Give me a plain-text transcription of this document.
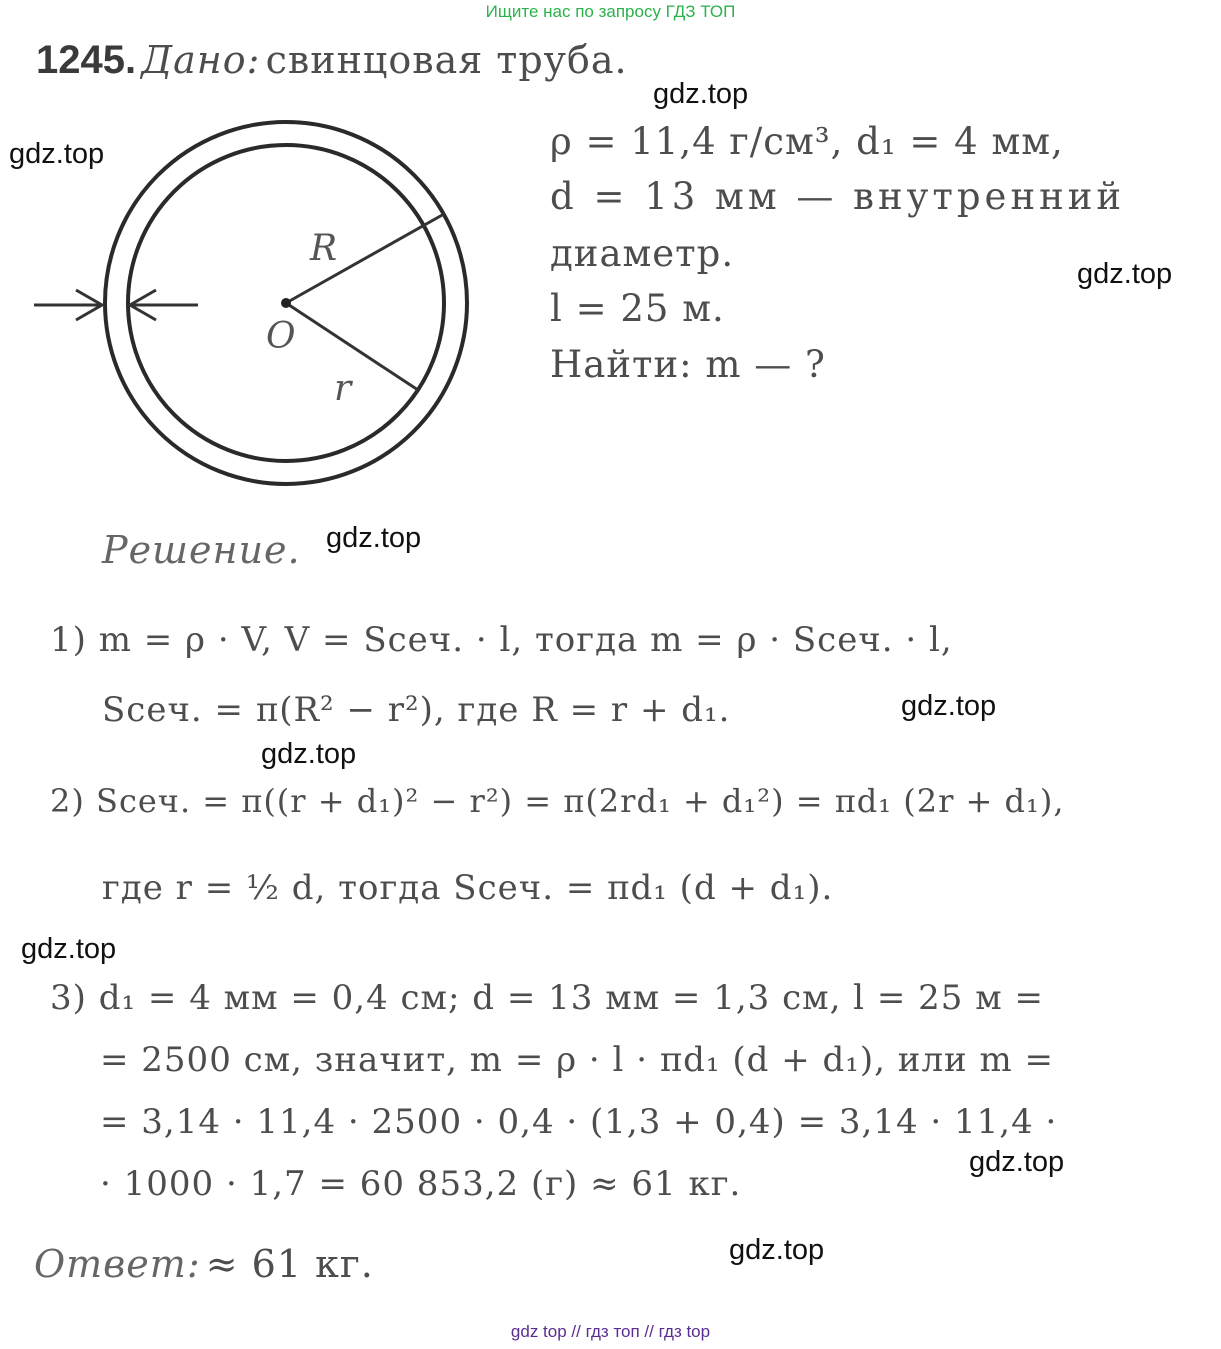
Ищите нас по запросу ГДЗ ТОП
1245. Дано: свинцовая труба.
R
O
r
ρ = 11,4 г/см³, d₁ = 4 мм,
d = 13 мм — внутренний
диаметр.
l = 25 м.
Найти: m — ?
Решение.
1) m = ρ · V, V = Sсеч. · l, тогда m = ρ · Sсеч. · l,
Sсеч. = π(R² − r²), где R = r + d₁.
2) Sсеч. = π((r + d₁)² − r²) = π(2rd₁ + d₁²) = πd₁ (2r + d₁),
где r = ½ d, тогда Sсеч. = πd₁ (d + d₁).
3) d₁ = 4 мм = 0,4 см; d = 13 мм = 1,3 см, l = 25 м =
= 2500 см, значит, m = ρ · l · πd₁ (d + d₁), или m =
= 3,14 · 11,4 · 2500 · 0,4 · (1,3 + 0,4) = 3,14 · 11,4 ·
· 1000 · 1,7 = 60 853,2 (г) ≈ 61 кг.
Ответ: ≈ 61 кг.
gdz.top
gdz.top
gdz.top
gdz.top
gdz.top
gdz.top
gdz.top
gdz.top
gdz.top
gdz top // гдз топ // гдз top
